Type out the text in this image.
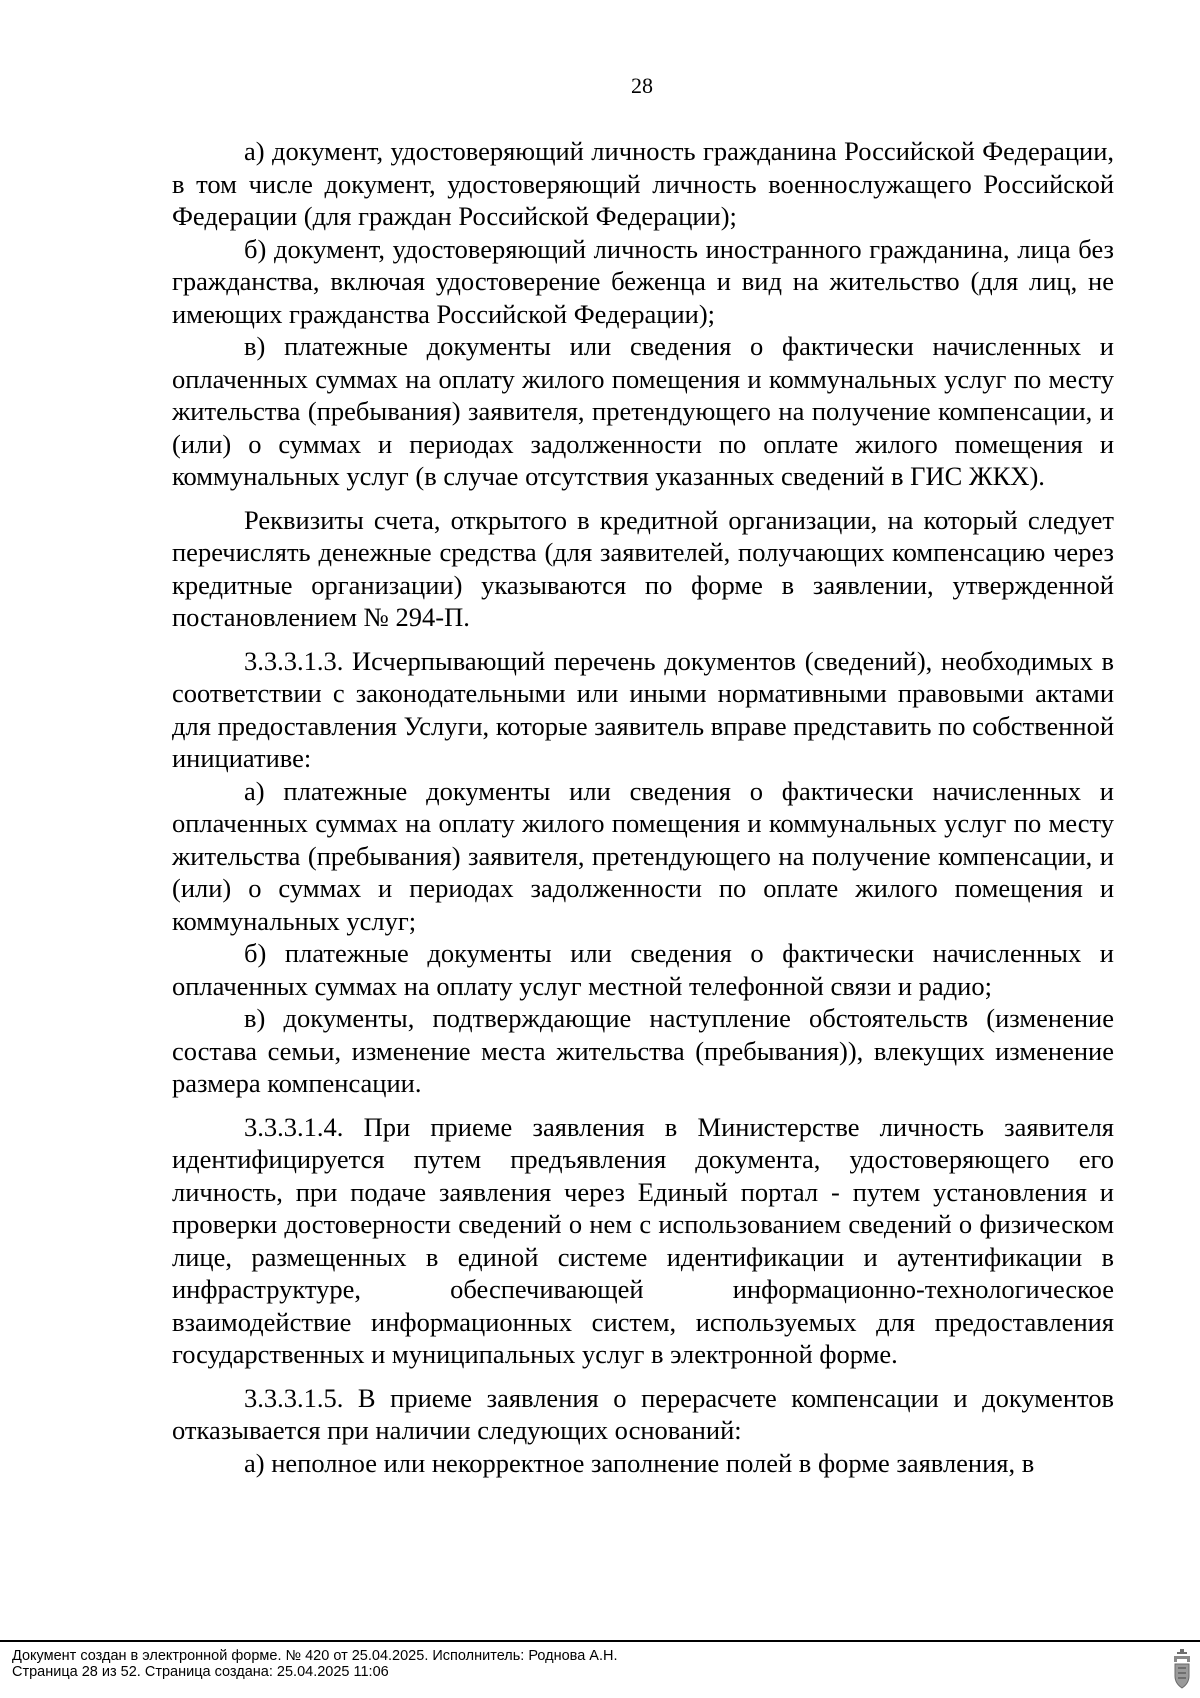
28

а) документ, удостоверяющий личность гражданина Российской Федерации, в том числе документ, удостоверяющий личность военнослужащего Российской Федерации (для граждан Российской Федерации);

б) документ, удостоверяющий личность иностранного гражданина, лица без гражданства, включая удостоверение беженца и вид на жительство (для лиц, не имеющих гражданства Российской Федерации);

в) платежные документы или сведения о фактически начисленных и оплаченных суммах на оплату жилого помещения и коммунальных услуг по месту жительства (пребывания) заявителя, претендующего на получение компенсации, и (или) о суммах и периодах задолженности по оплате жилого помещения и коммунальных услуг (в случае отсутствия указанных сведений в ГИС ЖКХ).

Реквизиты счета, открытого в кредитной организации, на который следует перечислять денежные средства (для заявителей, получающих компенсацию через кредитные организации) указываются по форме в заявлении, утвержденной постановлением № 294-П.

3.3.3.1.3. Исчерпывающий перечень документов (сведений), необходимых в соответствии с законодательными или иными нормативными правовыми актами для предоставления Услуги, которые заявитель вправе представить по собственной инициативе:

а) платежные документы или сведения о фактически начисленных и оплаченных суммах на оплату жилого помещения и коммунальных услуг по месту жительства (пребывания) заявителя, претендующего на получение компенсации, и (или) о суммах и периодах задолженности по оплате жилого помещения и коммунальных услуг;

б) платежные документы или сведения о фактически начисленных и оплаченных суммах на оплату услуг местной телефонной связи и радио;

в) документы, подтверждающие наступление обстоятельств (изменение состава семьи, изменение места жительства (пребывания)), влекущих изменение размера компенсации.

3.3.3.1.4. При приеме заявления в Министерстве личность заявителя идентифицируется путем предъявления документа, удостоверяющего его личность, при подаче заявления через Единый портал - путем установления и проверки достоверности сведений о нем с использованием сведений о физическом лице, размещенных в единой системе идентификации и аутентификации в инфраструктуре, обеспечивающей информационно-технологическое взаимодействие информационных систем, используемых для предоставления государственных и муниципальных услуг в электронной форме.

3.3.3.1.5. В приеме заявления о перерасчете компенсации и документов отказывается при наличии следующих оснований:

а) неполное или некорректное заполнение полей в форме заявления, в

Документ создан в электронной форме. № 420 от 25.04.2025. Исполнитель: Роднова А.Н.
Страница 28 из 52. Страница создана: 25.04.2025 11:06
